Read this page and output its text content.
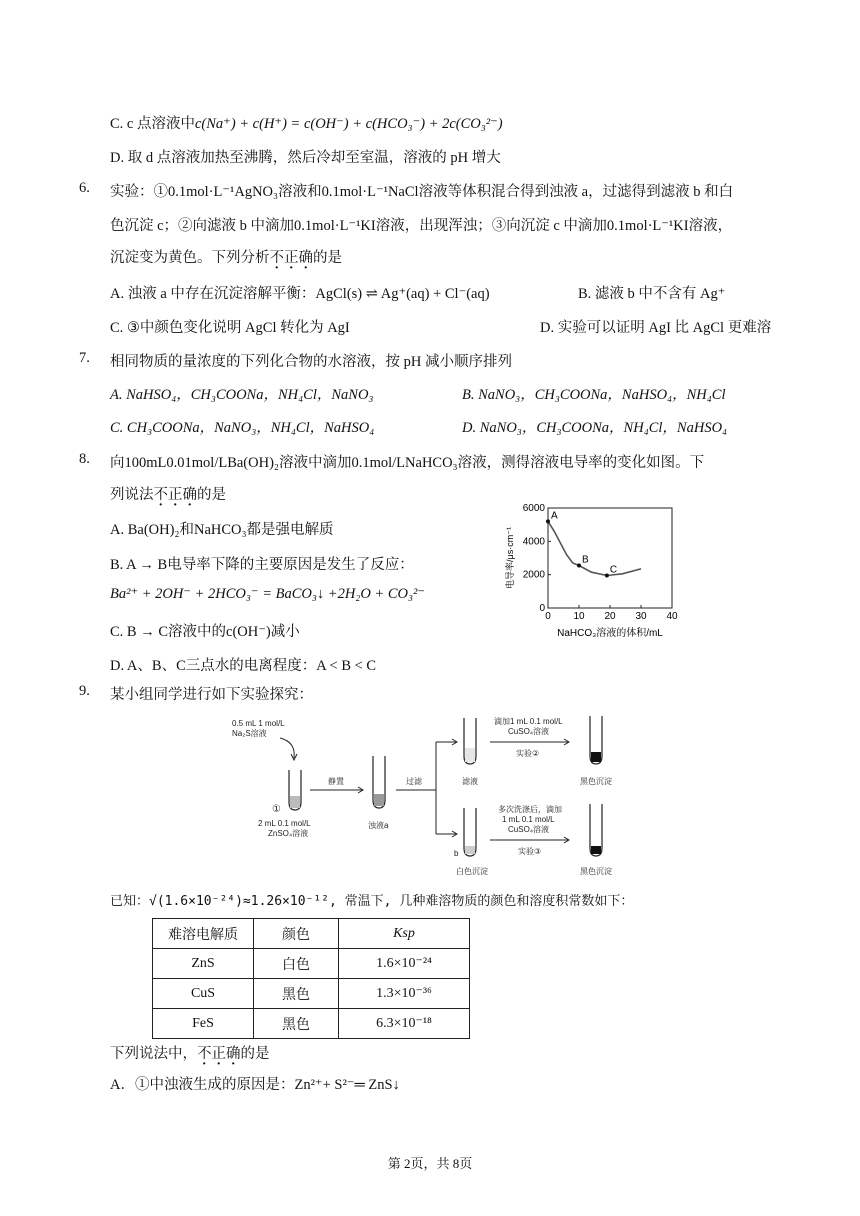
C. c 点溶液中c(Na⁺) + c(H⁺) = c(OH⁻) + c(HCO₃⁻) + 2c(CO₃²⁻)
D. 取 d 点溶液加热至沸腾，然后冷却至室温，溶液的 pH 增大
6. 实验：①0.1mol·L⁻¹AgNO₃溶液和0.1mol·L⁻¹NaCl溶液等体积混合得到浊液 a，过滤得到滤液 b 和白
色沉淀 c；②向滤液 b 中滴加0.1mol·L⁻¹KI溶液，出现浑浊；③向沉淀 c 中滴加0.1mol·L⁻¹KI溶液，
沉淀变为黄色。下列分析不正确的是
A. 浊液 a 中存在沉淀溶解平衡：AgCl(s) ⇌ Ag⁺(aq) + Cl⁻(aq)	B. 滤液 b 中不含有 Ag⁺
C. ③中颜色变化说明 AgCl 转化为 AgI	D. 实验可以证明 AgI 比 AgCl 更难溶
7. 相同物质的量浓度的下列化合物的水溶液，按 pH 减小顺序排列
A. NaHSO₄，CH₃COONa，NH₄Cl，NaNO₃	B. NaNO₃，CH₃COONa，NaHSO₄，NH₄Cl
C. CH₃COONa，NaNO₃，NH₄Cl，NaHSO₄	D. NaNO₃，CH₃COONa，NH₄Cl，NaHSO₄
8. 向100mL0.01mol/LBa(OH)₂溶液中滴加0.1mol/LNaHCO₃溶液，测得溶液电导率的变化如图。下
列说法不正确的是
A. Ba(OH)₂和NaHCO₃都是强电解质
B. A → B电导率下降的主要原因是发生了反应：
Ba²⁺ + 2OH⁻ + 2HCO₃⁻ = BaCO₃↓ +2H₂O + CO₃²⁻
C. B → C溶液中的c(OH⁻)减小
D. A、B、C三点水的电离程度：A < B < C
0 10 20 30 40
0
2000
4000
6000
NaHCO₃溶液的体积/mL
电导率/μs·cm⁻¹
A
B
C
9. 某小组同学进行如下实验探究：
0.5 mL 1 mol/L
Na₂S溶液
①
2 mL 0.1 mol/L
ZnSO₄溶液
静置
浊液a
过滤	滤液
滴加1 mL 0.1 mol/L
CuSO₄溶液
实验②
黑色沉淀
b
白色沉淀
多次洗涤后，滴加
1 mL 0.1 mol/L
CuSO₄溶液
实验③
黑色沉淀
已知：√(1.6×10⁻²⁴)≈1.26×10⁻¹², 常温下, 几种难溶物质的颜色和溶度积常数如下：
难溶电解质	颜色	Ksp
ZnS	白色	1.6×10⁻²⁴
CuS	黑色	1.3×10⁻³⁶
FeS	黑色	6.3×10⁻¹⁸
下列说法中，不正确的是
A．①中浊液生成的原因是：Zn²⁺+ S²⁻═ ZnS↓
第 2页，共 8页
